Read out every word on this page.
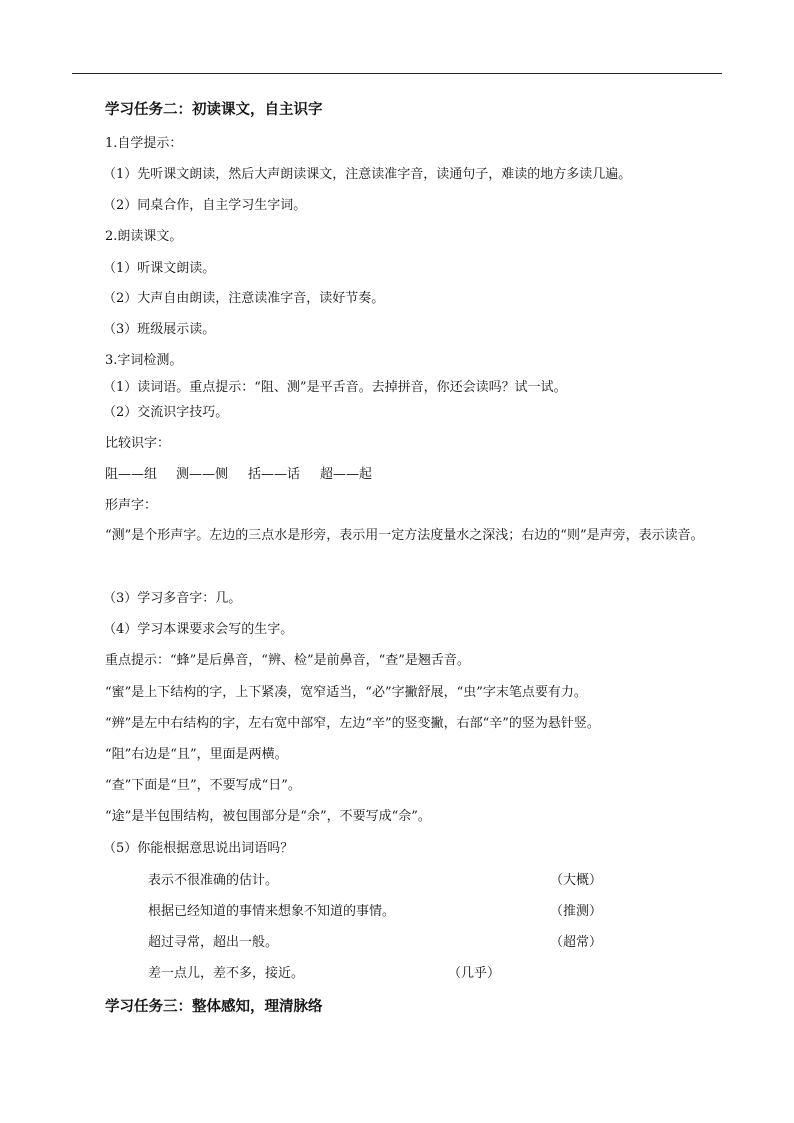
学习任务二：初读课文，自主识字
1.自学提示：
（1）先听课文朗读，然后大声朗读课文，注意读准字音，读通句子，难读的地方多读几遍。
（2）同桌合作，自主学习生字词。
2.朗读课文。
（1）听课文朗读。
（2）大声自由朗读，注意读准字音，读好节奏。
（3）班级展示读。
3.字词检测。
（1）读词语。重点提示：“阻、测”是平舌音。去掉拼音，你还会读吗？试一试。
（2）交流识字技巧。
比较识字：
阻——组 测——侧 括——话 超——起
形声字：
“测”是个形声字。左边的三点水是形旁，表示用一定方法度量水之深浅；右边的“则”是声旁，表示读音。
（3）学习多音字：几。
（4）学习本课要求会写的生字。
重点提示：“蜂”是后鼻音，“辨、检”是前鼻音，“查”是翘舌音。
“蜜”是上下结构的字，上下紧凑，宽窄适当，“必”字撇舒展，“虫”字末笔点要有力。
“辨”是左中右结构的字，左右宽中部窄，左边“辛”的竖变撇，右部“辛”的竖为悬针竖。
“阻”右边是“且”，里面是两横。
“查”下面是“旦”，不要写成“日”。
“途”是半包围结构，被包围部分是“余”，不要写成“佘”。
（5）你能根据意思说出词语吗？
表示不很准确的估计。	（大概）
根据已经知道的事情来想象不知道的事情。	（推测）
超过寻常，超出一般。	（超常）
差一点儿，差不多，接近。	（几乎）
学习任务三：整体感知，理清脉络
